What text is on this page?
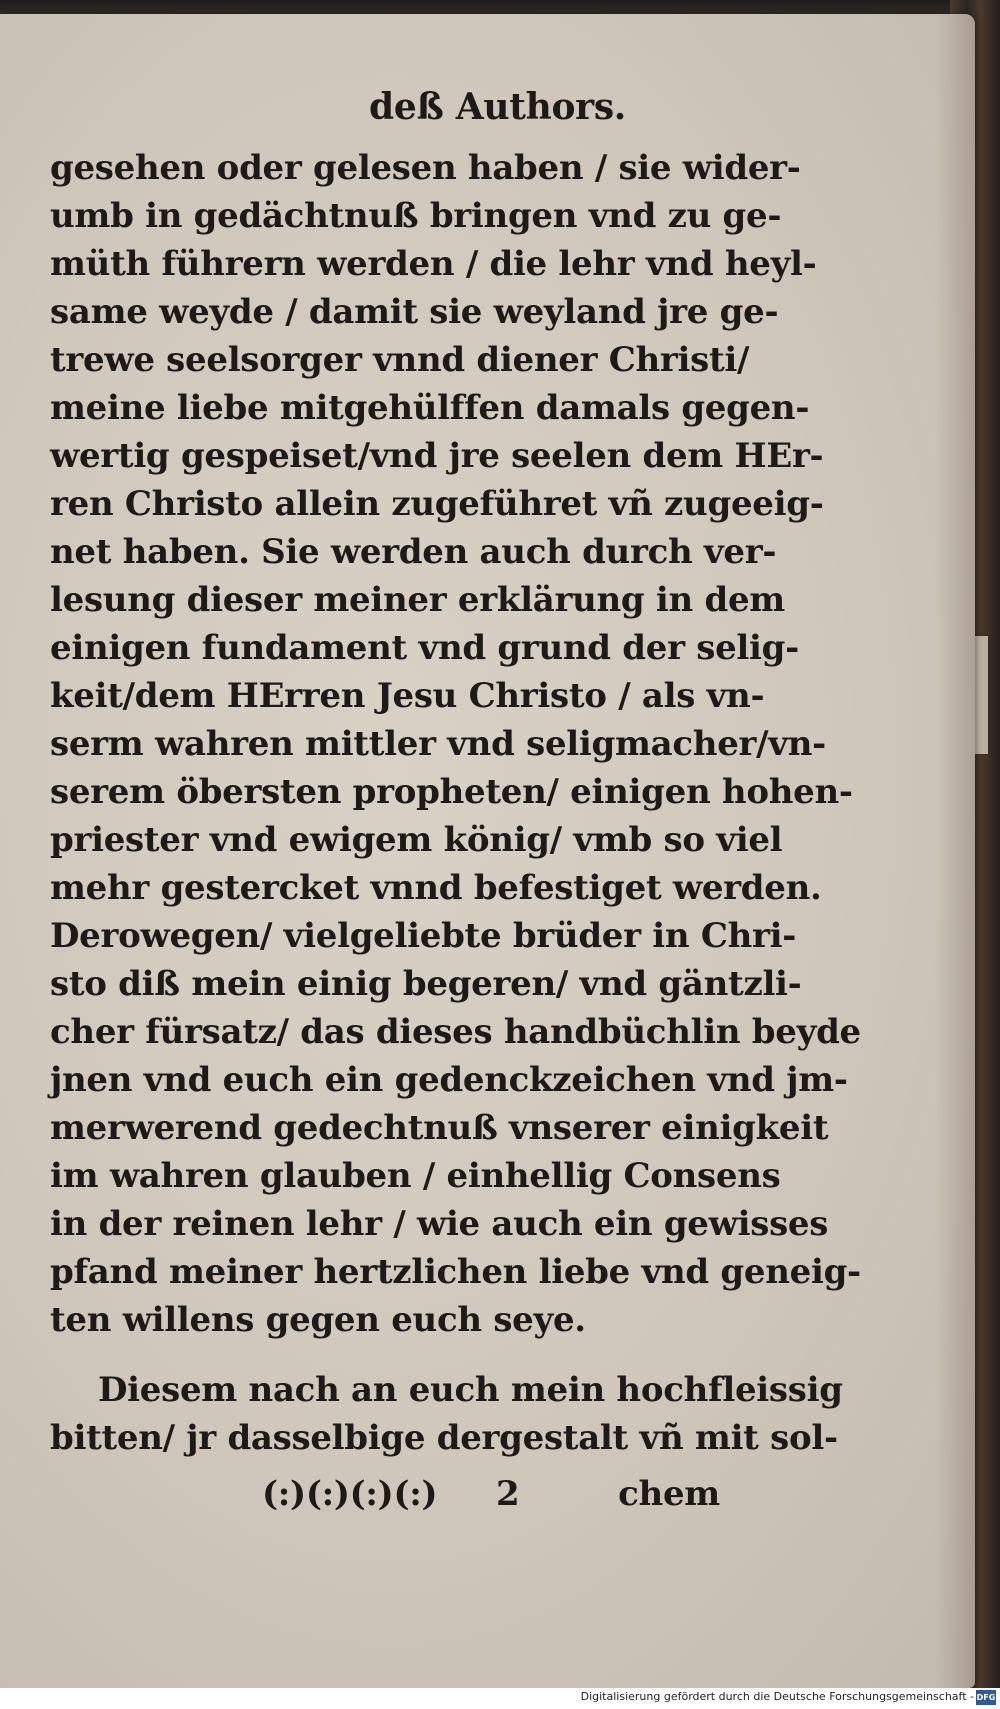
deß Authors.
gesehen oder gelesen haben / sie wider-
umb in gedächtnuß bringen vnd zu ge-
müth führern werden / die lehr vnd heyl-
same weyde / damit sie weyland jre ge-
trewe seelsorger vnnd diener Christi/
meine liebe mitgehülffen damals gegen-
wertig gespeiset/vnd jre seelen dem HEr-
ren Christo allein zugeführet vñ zugeeig-
net haben. Sie werden auch durch ver-
lesung dieser meiner erklärung in dem
einigen fundament vnd grund der selig-
keit/dem HErren Jesu Christo / als vn-
serm wahren mittler vnd seligmacher/vn-
serem öbersten propheten/ einigen hohen-
priester vnd ewigem könig/ vmb so viel
mehr gestercket vnnd befestiget werden.
Derowegen/ vielgeliebte brüder in Chri-
sto diß mein einig begeren/ vnd gäntzli-
cher fürsatz/ das dieses handbüchlin beyde
jnen vnd euch ein gedenckzeichen vnd jm-
merwerend gedechtnuß vnserer einigkeit
im wahren glauben / einhellig Consens
in der reinen lehr / wie auch ein gewisses
pfand meiner hertzlichen liebe vnd geneig-
ten willens gegen euch seye.
Diesem nach an euch mein hochfleissig
bitten/ jr dasselbige dergestalt vñ mit sol-
(:)(:)(:)(:) 2	chem
Digitalisierung gefördert durch die Deutsche Forschungsgemeinschaft - DFG
